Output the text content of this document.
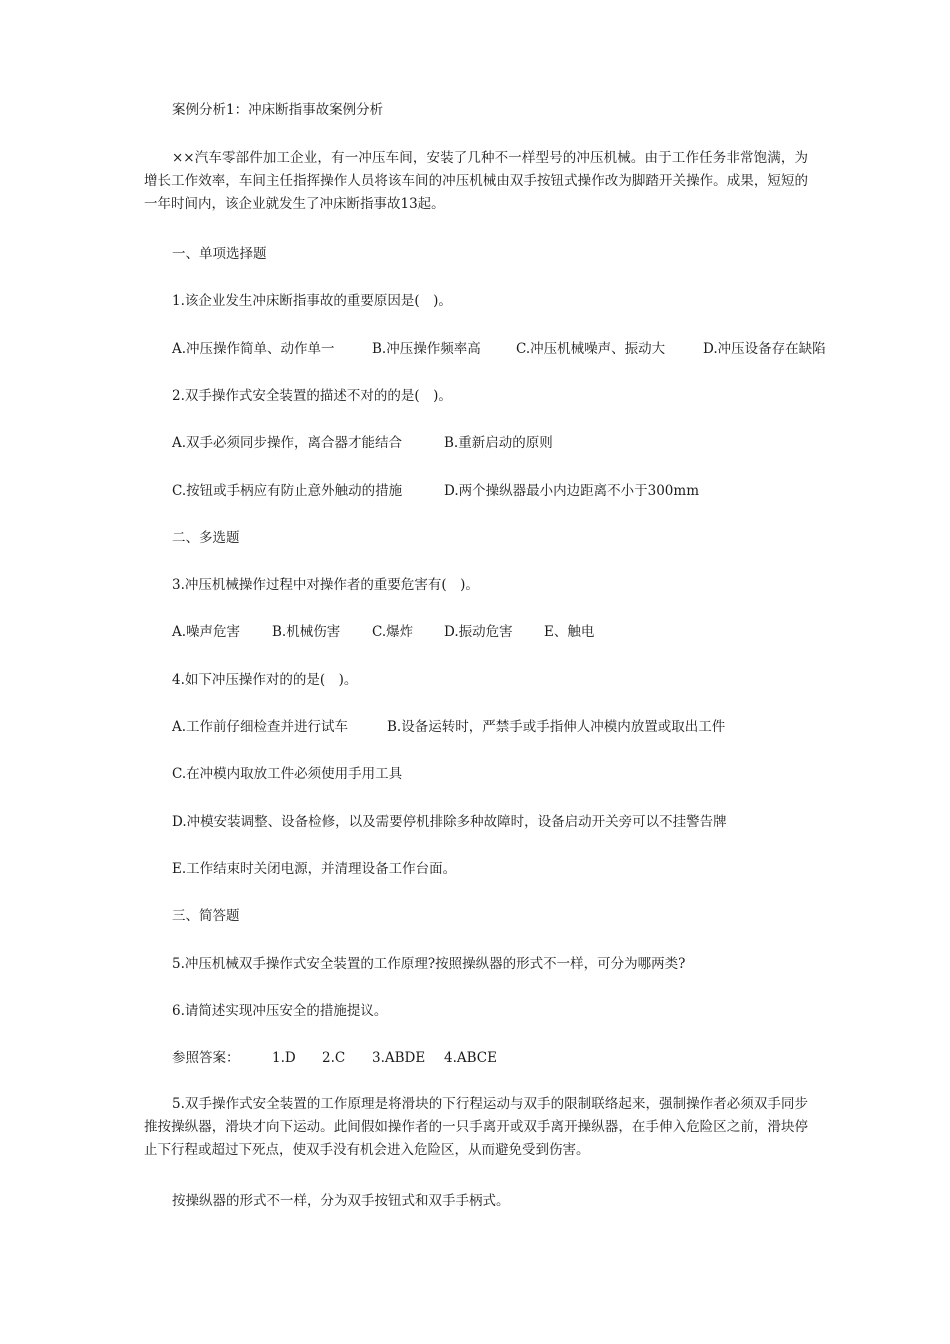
案例分析1：冲床断指事故案例分析

××汽车零部件加工企业，有一冲压车间，安装了几种不一样型号的冲压机械。由于工作任务非常饱满，为增长工作效率，车间主任指挥操作人员将该车间的冲压机械由双手按钮式操作改为脚踏开关操作。成果，短短的一年时间内，该企业就发生了冲床断指事故13起。

一、单项选择题

1.该企业发生冲床断指事故的重要原因是(　)。

A.冲压操作简单、动作单一	B.冲压操作频率高	C.冲压机械噪声、振动大	D.冲压设备存在缺陷

2.双手操作式安全装置的描述不对的的是(　)。

A.双手必须同步操作，离合器才能结合	B.重新启动的原则

C.按钮或手柄应有防止意外触动的措施	D.两个操纵器最小内边距离不小于300mm

二、多选题

3.冲压机械操作过程中对操作者的重要危害有(　)。

A.噪声危害 B.机械伤害 C.爆炸 D.振动危害 E、触电

4.如下冲压操作对的的是(　)。

A.工作前仔细检查并进行试车	B.设备运转时，严禁手或手指伸人冲模内放置或取出工件

C.在冲模内取放工件必须使用手用工具

D.冲模安装调整、设备检修，以及需要停机排除多种故障时，设备启动开关旁可以不挂警告牌

E.工作结束时关闭电源，并清理设备工作台面。

三、简答题

5.冲压机械双手操作式安全装置的工作原理?按照操纵器的形式不一样，可分为哪两类?

6.请简述实现冲压安全的措施提议。

参照答案： 1.D 2.C 3.ABDE 4.ABCE

5.双手操作式安全装置的工作原理是将滑块的下行程运动与双手的限制联络起来，强制操作者必须双手同步推按操纵器，滑块才向下运动。此间假如操作者的一只手离开或双手离开操纵器，在手伸入危险区之前，滑块停止下行程或超过下死点，使双手没有机会进入危险区，从而避免受到伤害。

按操纵器的形式不一样，分为双手按钮式和双手手柄式。
